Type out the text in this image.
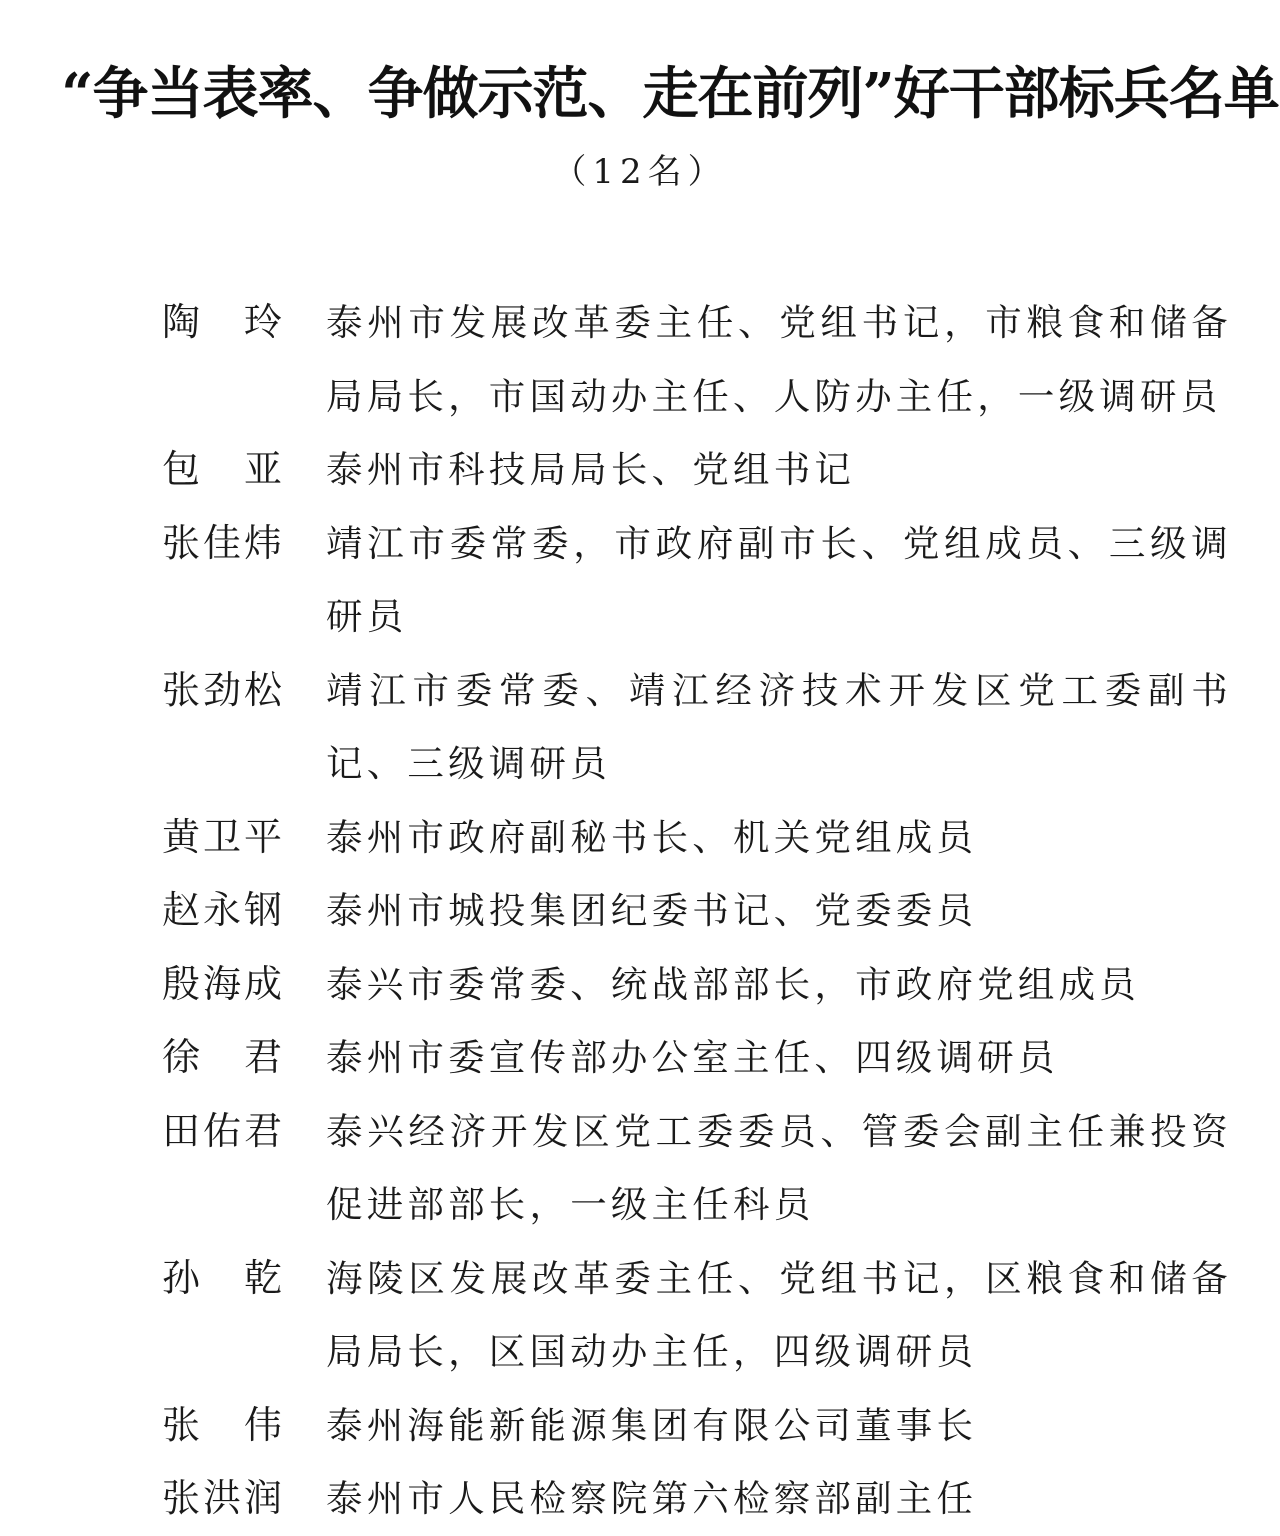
“争当表率、争做示范、走在前列”好干部标兵名单
（12名）
陶玲 泰州市发展改革委主任、党组书记，市粮食和储备局局长，市国动办主任、人防办主任，一级调研员
包亚 泰州市科技局局长、党组书记
张佳炜	靖江市委常委，市政府副市长、党组成员、三级调研员
张劲松	靖江市委常委、靖江经济技术开发区党工委副书记、三级调研员
黄卫平	泰州市政府副秘书长、机关党组成员
赵永钢	泰州市城投集团纪委书记、党委委员
殷海成	泰兴市委常委、统战部部长，市政府党组成员
徐君 泰州市委宣传部办公室主任、四级调研员
田佑君	泰兴经济开发区党工委委员、管委会副主任兼投资促进部部长，一级主任科员
孙乾 海陵区发展改革委主任、党组书记，区粮食和储备局局长，区国动办主任，四级调研员
张伟 泰州海能新能源集团有限公司董事长
张洪润	泰州市人民检察院第六检察部副主任
